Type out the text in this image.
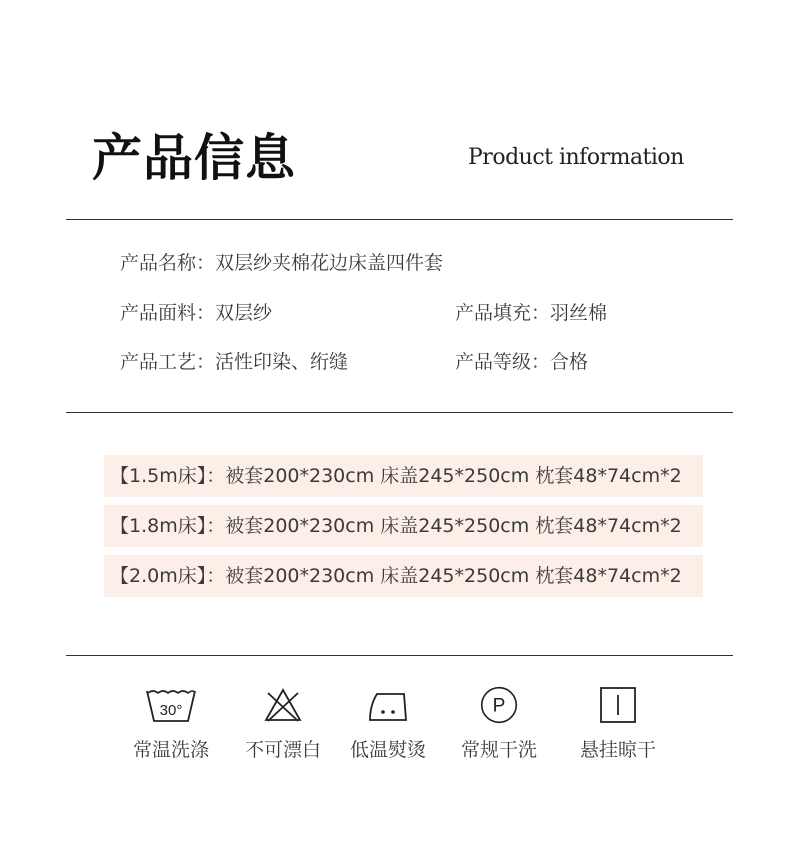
产品信息	Product information
产品名称：双层纱夹棉花边床盖四件套
产品面料：双层纱	产品填充：羽丝棉
产品工艺：活性印染、绗缝	产品等级：合格
【1.5m床】：被套200*230cm 床盖245*250cm 枕套48*74cm*2
【1.8m床】：被套200*230cm 床盖245*250cm 枕套48*74cm*2
【2.0m床】：被套200*230cm 床盖245*250cm 枕套48*74cm*2
30°
常温洗涤	不可漂白	低温熨烫
P
常规干洗	悬挂晾干
